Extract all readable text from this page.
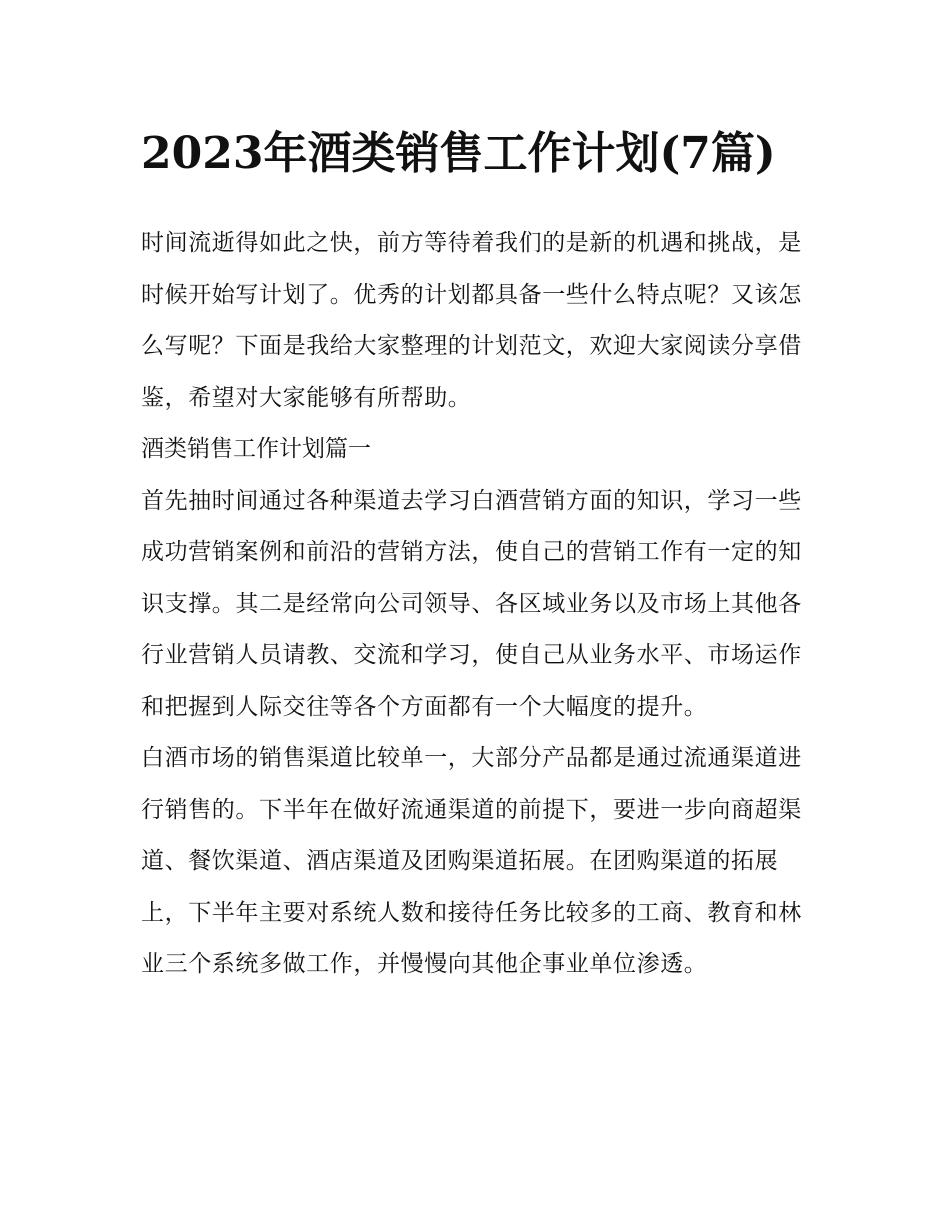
2023年酒类销售工作计划(7篇)

时间流逝得如此之快，前方等待着我们的是新的机遇和挑战，是时候开始写计划了。优秀的计划都具备一些什么特点呢？又该怎么写呢？下面是我给大家整理的计划范文，欢迎大家阅读分享借鉴，希望对大家能够有所帮助。

酒类销售工作计划篇一

首先抽时间通过各种渠道去学习白酒营销方面的知识，学习一些成功营销案例和前沿的营销方法，使自己的营销工作有一定的知识支撑。其二是经常向公司领导、各区域业务以及市场上其他各行业营销人员请教、交流和学习，使自己从业务水平、市场运作和把握到人际交往等各个方面都有一个大幅度的提升。

白酒市场的销售渠道比较单一，大部分产品都是通过流通渠道进行销售的。下半年在做好流通渠道的前提下，要进一步向商超渠道、餐饮渠道、酒店渠道及团购渠道拓展。在团购渠道的拓展上，下半年主要对系统人数和接待任务比较多的工商、教育和林业三个系统多做工作，并慢慢向其他企事业单位渗透。
